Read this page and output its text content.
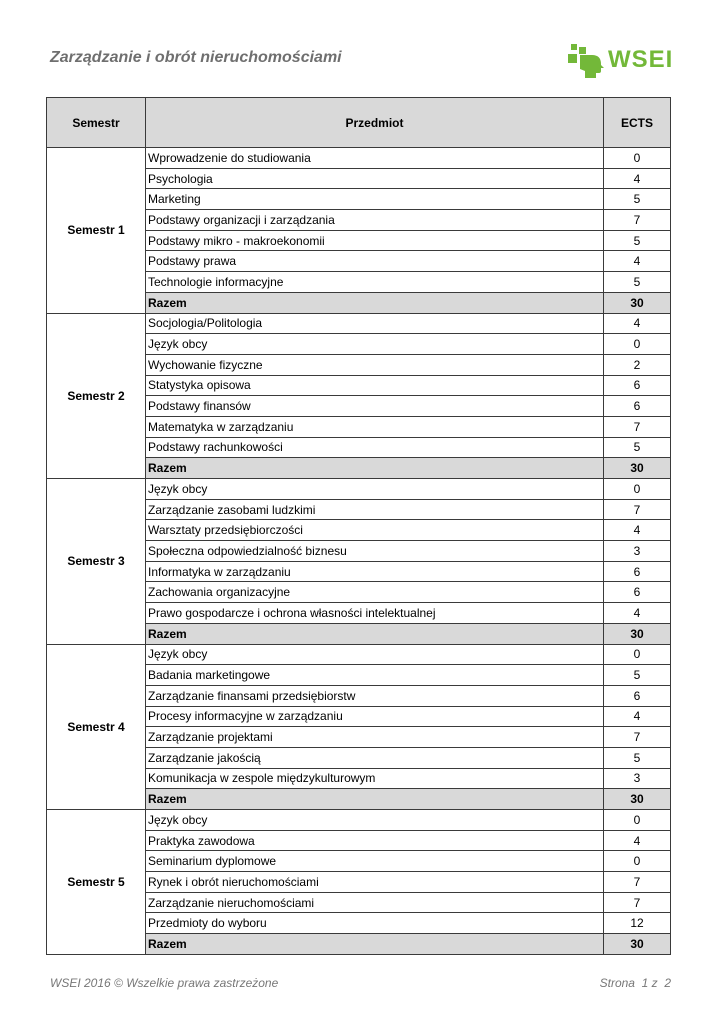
Zarządzanie i obrót nieruchomościami	WSEI
Semestr	Przedmiot	ECTS
Semestr 1	Wprowadzenie do studiowania	0
	Psychologia	4
	Marketing	5
	Podstawy organizacji i zarządzania	7
	Podstawy mikro - makroekonomii	5
	Podstawy prawa	4
	Technologie informacyjne	5
	Razem	30
Semestr 2	Socjologia/Politologia	4
	Język obcy	0
	Wychowanie fizyczne	2
	Statystyka opisowa	6
	Podstawy finansów	6
	Matematyka w zarządzaniu	7
	Podstawy rachunkowości	5
	Razem	30
Semestr 3	Język obcy	0
	Zarządzanie zasobami ludzkimi	7
	Warsztaty przedsiębiorczości	4
	Społeczna odpowiedzialność biznesu	3
	Informatyka w zarządzaniu	6
	Zachowania organizacyjne	6
	Prawo gospodarcze i ochrona własności intelektualnej	4
	Razem	30
Semestr 4	Język obcy	0
	Badania marketingowe	5
	Zarządzanie finansami przedsiębiorstw	6
	Procesy informacyjne w zarządzaniu	4
	Zarządzanie projektami	7
	Zarządzanie jakością	5
	Komunikacja w zespole międzykulturowym	3
	Razem	30
Semestr 5	Język obcy	0
	Praktyka zawodowa	4
	Seminarium dyplomowe	0
	Rynek i obrót nieruchomościami	7
	Zarządzanie nieruchomościami	7
	Przedmioty do wyboru	12
	Razem	30
WSEI 2016 © Wszelkie prawa zastrzeżone	Strona  1 z  2
